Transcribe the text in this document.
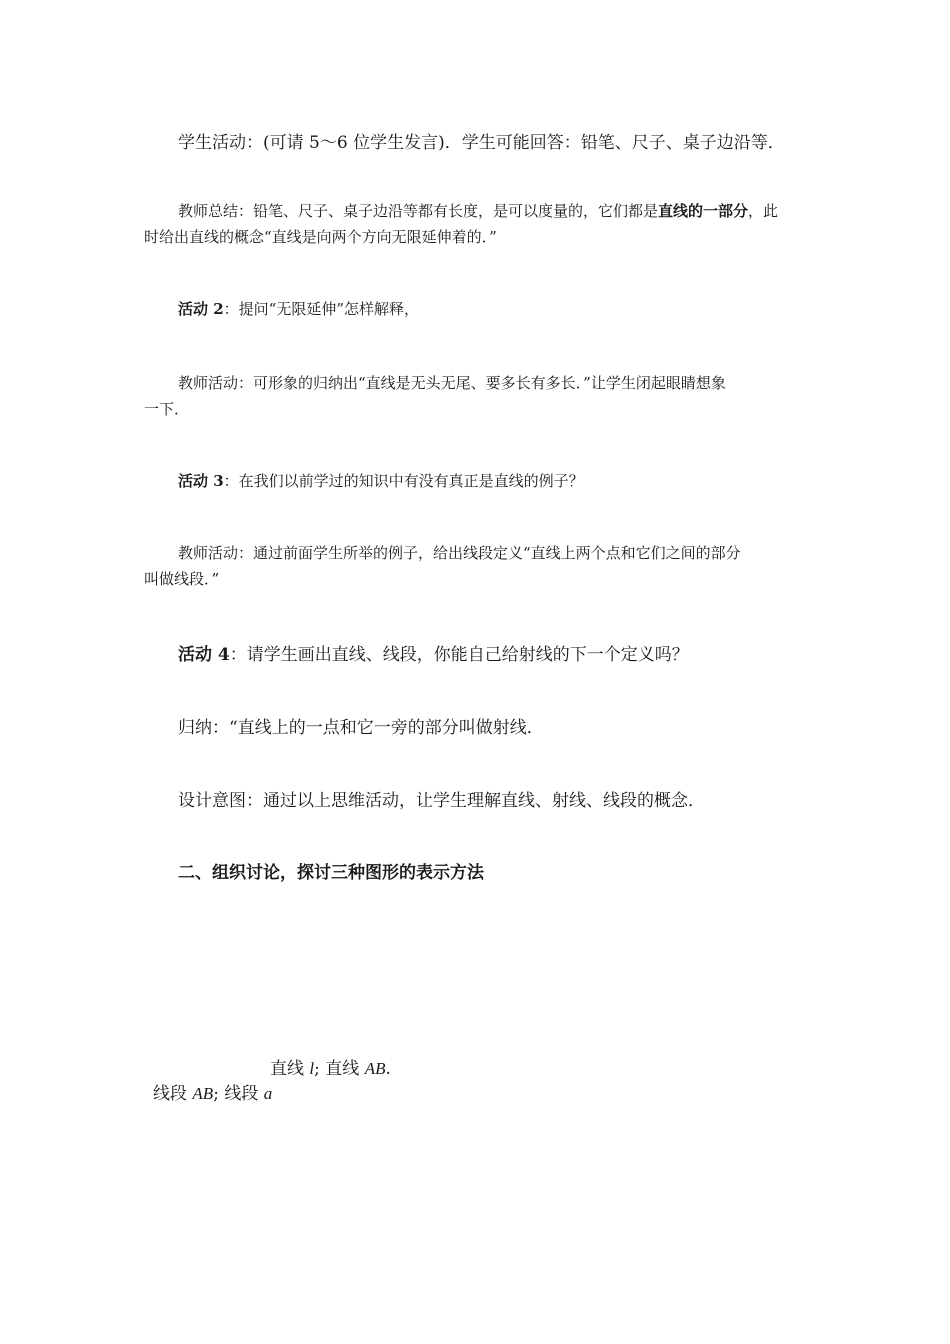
学生活动：(可请 5～6 位学生发言)．学生可能回答：铅笔、尺子、桌子边沿等．
教师总结：铅笔、尺子、桌子边沿等都有长度，是可以度量的，它们都是直线的一部分，此
时给出直线的概念“直线是向两个方向无限延伸着的．”
活动 2：提问“无限延伸”怎样解释，
教师活动：可形象的归纳出“直线是无头无尾、要多长有多长．”让学生闭起眼睛想象
一下．
活动 3：在我们以前学过的知识中有没有真正是直线的例子？
教师活动：通过前面学生所举的例子，给出线段定义“直线上两个点和它们之间的部分
叫做线段．”
活动 4：请学生画出直线、线段，你能自己给射线的下一个定义吗？
归纳：“直线上的一点和它一旁的部分叫做射线．
设计意图：通过以上思维活动，让学生理解直线、射线、线段的概念．
二、组织讨论，探讨三种图形的表示方法
直线 l; 直线 AB.
线段 AB; 线段 a
